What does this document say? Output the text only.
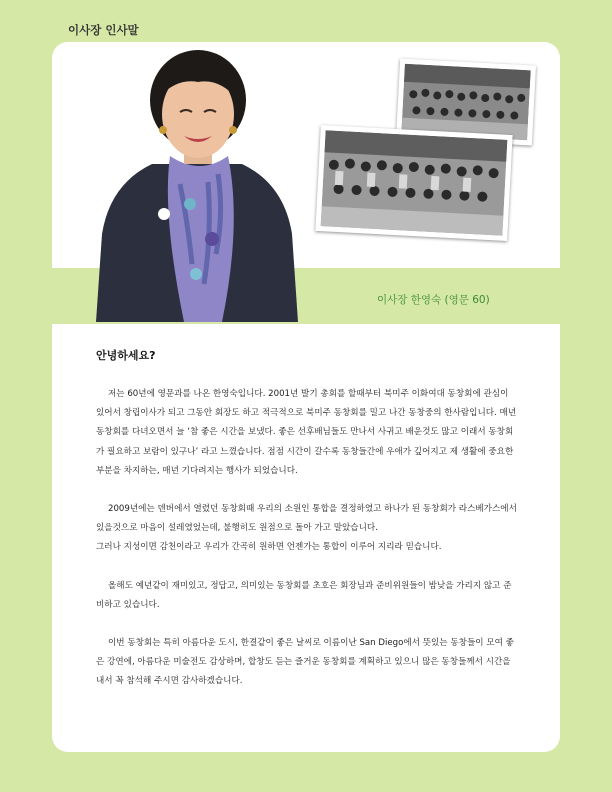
이사장 인사말
이사장 한영숙 (영문 60)
안녕하세요?

저는 60년에 영문과를 나온 한영숙입니다. 2001년 발기 총회를 할때부터 북미주 이화여대 동창회에 관심이 있어서 창립이사가 되고 그동안 회장도 하고 적극적으로 북미주 동창회를 밀고 나간 동창중의 한사람입니다. 매년 동창회를 다녀오면서 늘 ‘참 좋은 시간을 보냈다. 좋은 선후배님들도 만나서 사귀고 배운것도 많고 이래서 동창회가 필요하고 보람이 있구나’ 라고 느꼈습니다. 점점 시간이 갈수록 동창들간에 우애가 깊어지고 제 생활에 중요한 부분을 차지하는, 매년 기다려지는 행사가 되었습니다.

2009년에는 덴버에서 열렸던 동창회때 우리의 소원인 통합을 결정하였고 하나가 된 동창회가 라스베가스에서 있을것으로 마음이 설레였었는데, 불행히도 원점으로 돌아 가고 말았습니다.

그러나 지성이면 감천이라고 우리가 간곡히 원하면 언젠가는 통합이 이루어 지리라 믿습니다.

올해도 예년같이 재미있고, 정답고, 의미있는 동창회를 초호은 회장님과 준비위원들이 밤낮을 가리지 않고 준비하고 있습니다.

이번 동창회는 특히 아름다운 도시, 한결같이 좋은 날씨로 이름이난 San Diego에서 뜻있는 동창들이 모여 좋은 강연에, 아름다운 미술전도 감상하며, 합창도 듣는 즐거운 동창회를 계획하고 있으니 많은 동창들께서 시간을 내서 꼭 참석해 주시면 감사하겠습니다.
